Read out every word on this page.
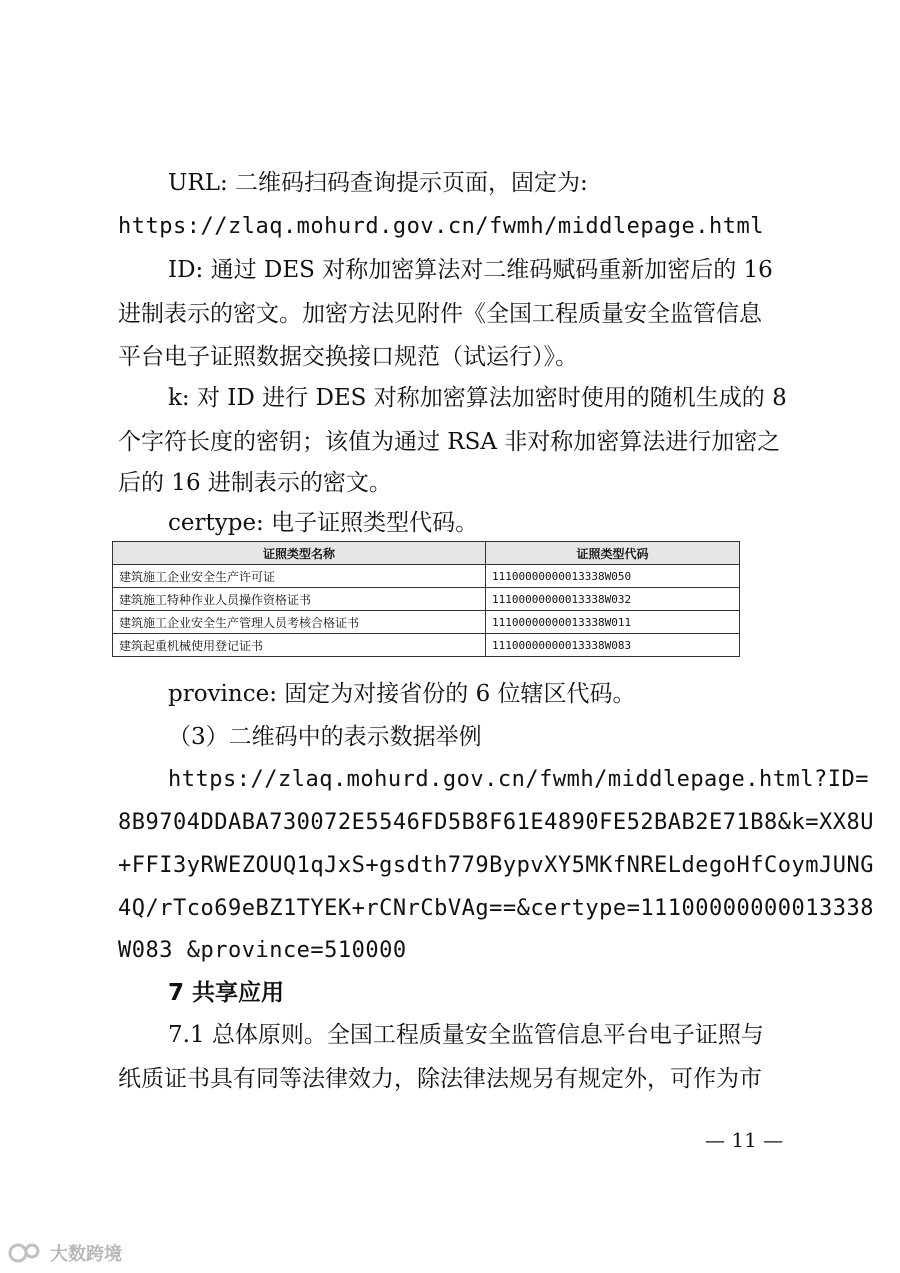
URL: 二维码扫码查询提示页面，固定为:
https://zlaq.mohurd.gov.cn/fwmh/middlepage.html
ID: 通过 DES 对称加密算法对二维码赋码重新加密后的 16
进制表示的密文。加密方法见附件《全国工程质量安全监管信息
平台电子证照数据交换接口规范（试运行）》。
k: 对 ID 进行 DES 对称加密算法加密时使用的随机生成的 8
个字符长度的密钥；该值为通过 RSA 非对称加密算法进行加密之
后的 16 进制表示的密文。
certype: 电子证照类型代码。
证照类型名称	证照类型代码
建筑施工企业安全生产许可证	11100000000013338W050
建筑施工特种作业人员操作资格证书	11100000000013338W032
建筑施工企业安全生产管理人员考核合格证书	11100000000013338W011
建筑起重机械使用登记证书	11100000000013338W083
province: 固定为对接省份的 6 位辖区代码。
（3）二维码中的表示数据举例
https://zlaq.mohurd.gov.cn/fwmh/middlepage.html?ID=
8B9704DDABA730072E5546FD5B8F61E4890FE52BAB2E71B8&k=XX8U
+FFI3yRWEZOUQ1qJxS+gsdth779BypvXY5MKfNRELdegoHfCoymJUNG
4Q/rTco69eBZ1TYEK+rCNrCbVAg==&certype=11100000000013338
W083 &province=510000
7 共享应用
7.1 总体原则。全国工程质量安全监管信息平台电子证照与
纸质证书具有同等法律效力，除法律法规另有规定外，可作为市
— 11 —
大数跨境
